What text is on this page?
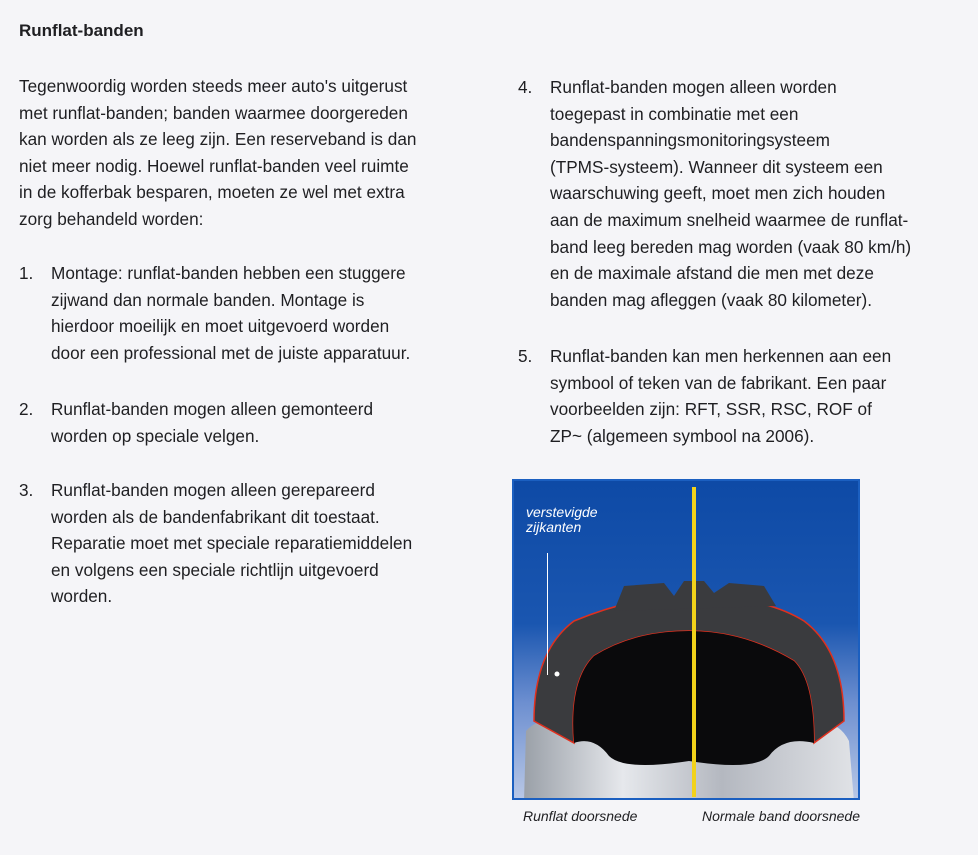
Runflat-banden
Tegenwoordig worden steeds meer auto's uitgerust
met runflat-banden; banden waarmee doorgereden
kan worden als ze leeg zijn. Een reserveband is dan
niet meer nodig. Hoewel runflat-banden veel ruimte
in de kofferbak besparen, moeten ze wel met extra
zorg behandeld worden:
1. Montage: runflat-banden hebben een stuggere
zijwand dan normale banden. Montage is
hierdoor moeilijk en moet uitgevoerd worden
door een professional met de juiste apparatuur.
2. Runflat-banden mogen alleen gemonteerd
worden op speciale velgen.
3. Runflat-banden mogen alleen gerepareerd
worden als de bandenfabrikant dit toestaat.
Reparatie moet met speciale reparatiemiddelen
en volgens een speciale richtlijn uitgevoerd
worden.
4. Runflat-banden mogen alleen worden
toegepast in combinatie met een
bandenspanningsmonitoringsysteem
(TPMS-systeem). Wanneer dit systeem een
waarschuwing geeft, moet men zich houden
aan de maximum snelheid waarmee de runflat-
band leeg bereden mag worden (vaak 80 km/h)
en de maximale afstand die men met deze
banden mag afleggen (vaak 80 kilometer).
5. Runflat-banden kan men herkennen aan een
symbool of teken van de fabrikant. Een paar
voorbeelden zijn: RFT, SSR, RSC, ROF of
ZP~ (algemeen symbool na 2006).
verstevigde
zijkanten
Runflat doorsnede	Normale band doorsnede
